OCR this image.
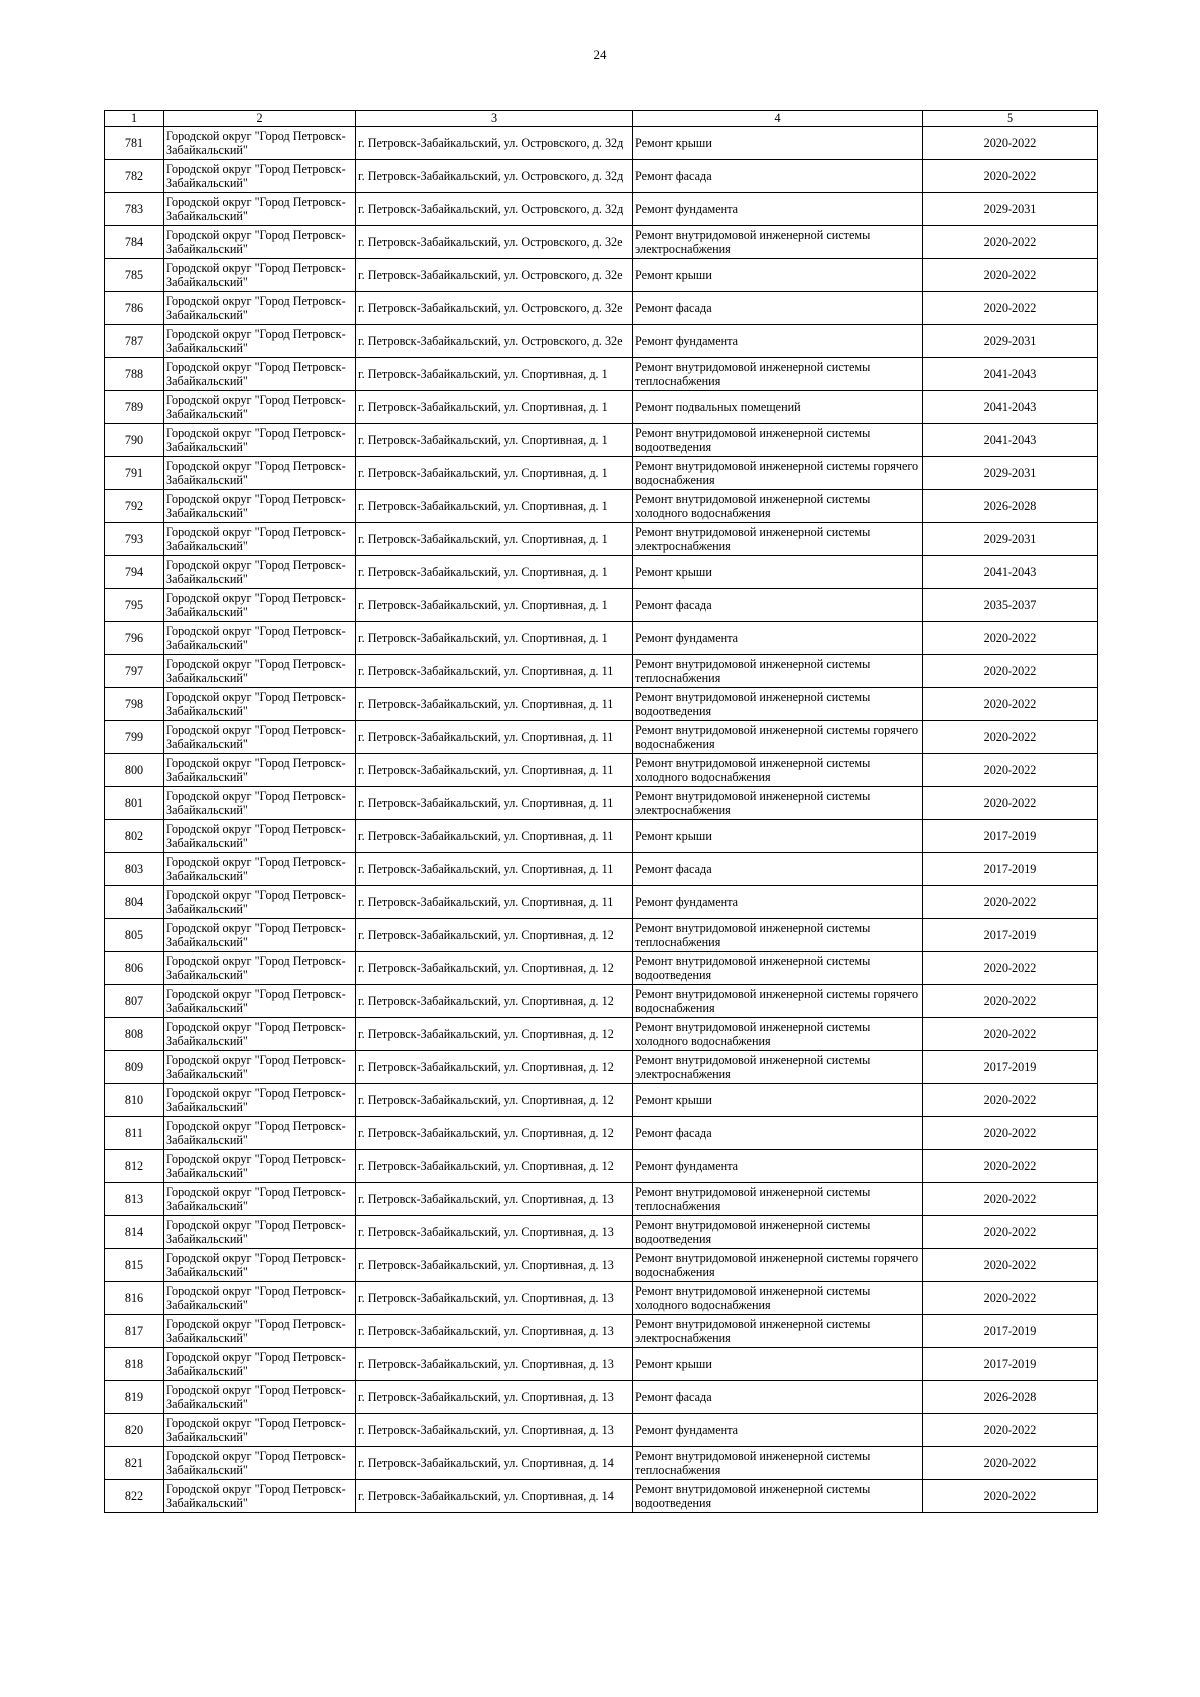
24
1	2	3	4	5
781	Городской округ "Город Петровск-Забайкальский"	г. Петровск-Забайкальский, ул. Островского, д. 32д	Ремонт крыши	2020-2022
782	Городской округ "Город Петровск-Забайкальский"	г. Петровск-Забайкальский, ул. Островского, д. 32д	Ремонт фасада	2020-2022
783	Городской округ "Город Петровск-Забайкальский"	г. Петровск-Забайкальский, ул. Островского, д. 32д	Ремонт фундамента	2029-2031
784	Городской округ "Город Петровск-Забайкальский"	г. Петровск-Забайкальский, ул. Островского, д. 32е	Ремонт внутридомовой инженерной системы электроснабжения	2020-2022
785	Городской округ "Город Петровск-Забайкальский"	г. Петровск-Забайкальский, ул. Островского, д. 32е	Ремонт крыши	2020-2022
786	Городской округ "Город Петровск-Забайкальский"	г. Петровск-Забайкальский, ул. Островского, д. 32е	Ремонт фасада	2020-2022
787	Городской округ "Город Петровск-Забайкальский"	г. Петровск-Забайкальский, ул. Островского, д. 32е	Ремонт фундамента	2029-2031
788	Городской округ "Город Петровск-Забайкальский"	г. Петровск-Забайкальский, ул. Спортивная, д. 1	Ремонт внутридомовой инженерной системы теплоснабжения	2041-2043
789	Городской округ "Город Петровск-Забайкальский"	г. Петровск-Забайкальский, ул. Спортивная, д. 1	Ремонт подвальных помещений	2041-2043
790	Городской округ "Город Петровск-Забайкальский"	г. Петровск-Забайкальский, ул. Спортивная, д. 1	Ремонт внутридомовой инженерной системы водоотведения	2041-2043
791	Городской округ "Город Петровск-Забайкальский"	г. Петровск-Забайкальский, ул. Спортивная, д. 1	Ремонт внутридомовой инженерной системы горячего водоснабжения	2029-2031
792	Городской округ "Город Петровск-Забайкальский"	г. Петровск-Забайкальский, ул. Спортивная, д. 1	Ремонт внутридомовой инженерной системы холодного водоснабжения	2026-2028
793	Городской округ "Город Петровск-Забайкальский"	г. Петровск-Забайкальский, ул. Спортивная, д. 1	Ремонт внутридомовой инженерной системы электроснабжения	2029-2031
794	Городской округ "Город Петровск-Забайкальский"	г. Петровск-Забайкальский, ул. Спортивная, д. 1	Ремонт крыши	2041-2043
795	Городской округ "Город Петровск-Забайкальский"	г. Петровск-Забайкальский, ул. Спортивная, д. 1	Ремонт фасада	2035-2037
796	Городской округ "Город Петровск-Забайкальский"	г. Петровск-Забайкальский, ул. Спортивная, д. 1	Ремонт фундамента	2020-2022
797	Городской округ "Город Петровск-Забайкальский"	г. Петровск-Забайкальский, ул. Спортивная, д. 11	Ремонт внутридомовой инженерной системы теплоснабжения	2020-2022
798	Городской округ "Город Петровск-Забайкальский"	г. Петровск-Забайкальский, ул. Спортивная, д. 11	Ремонт внутридомовой инженерной системы водоотведения	2020-2022
799	Городской округ "Город Петровск-Забайкальский"	г. Петровск-Забайкальский, ул. Спортивная, д. 11	Ремонт внутридомовой инженерной системы горячего водоснабжения	2020-2022
800	Городской округ "Город Петровск-Забайкальский"	г. Петровск-Забайкальский, ул. Спортивная, д. 11	Ремонт внутридомовой инженерной системы холодного водоснабжения	2020-2022
801	Городской округ "Город Петровск-Забайкальский"	г. Петровск-Забайкальский, ул. Спортивная, д. 11	Ремонт внутридомовой инженерной системы электроснабжения	2020-2022
802	Городской округ "Город Петровск-Забайкальский"	г. Петровск-Забайкальский, ул. Спортивная, д. 11	Ремонт крыши	2017-2019
803	Городской округ "Город Петровск-Забайкальский"	г. Петровск-Забайкальский, ул. Спортивная, д. 11	Ремонт фасада	2017-2019
804	Городской округ "Город Петровск-Забайкальский"	г. Петровск-Забайкальский, ул. Спортивная, д. 11	Ремонт фундамента	2020-2022
805	Городской округ "Город Петровск-Забайкальский"	г. Петровск-Забайкальский, ул. Спортивная, д. 12	Ремонт внутридомовой инженерной системы теплоснабжения	2017-2019
806	Городской округ "Город Петровск-Забайкальский"	г. Петровск-Забайкальский, ул. Спортивная, д. 12	Ремонт внутридомовой инженерной системы водоотведения	2020-2022
807	Городской округ "Город Петровск-Забайкальский"	г. Петровск-Забайкальский, ул. Спортивная, д. 12	Ремонт внутридомовой инженерной системы горячего водоснабжения	2020-2022
808	Городской округ "Город Петровск-Забайкальский"	г. Петровск-Забайкальский, ул. Спортивная, д. 12	Ремонт внутридомовой инженерной системы холодного водоснабжения	2020-2022
809	Городской округ "Город Петровск-Забайкальский"	г. Петровск-Забайкальский, ул. Спортивная, д. 12	Ремонт внутридомовой инженерной системы электроснабжения	2017-2019
810	Городской округ "Город Петровск-Забайкальский"	г. Петровск-Забайкальский, ул. Спортивная, д. 12	Ремонт крыши	2020-2022
811	Городской округ "Город Петровск-Забайкальский"	г. Петровск-Забайкальский, ул. Спортивная, д. 12	Ремонт фасада	2020-2022
812	Городской округ "Город Петровск-Забайкальский"	г. Петровск-Забайкальский, ул. Спортивная, д. 12	Ремонт фундамента	2020-2022
813	Городской округ "Город Петровск-Забайкальский"	г. Петровск-Забайкальский, ул. Спортивная, д. 13	Ремонт внутридомовой инженерной системы теплоснабжения	2020-2022
814	Городской округ "Город Петровск-Забайкальский"	г. Петровск-Забайкальский, ул. Спортивная, д. 13	Ремонт внутридомовой инженерной системы водоотведения	2020-2022
815	Городской округ "Город Петровск-Забайкальский"	г. Петровск-Забайкальский, ул. Спортивная, д. 13	Ремонт внутридомовой инженерной системы горячего водоснабжения	2020-2022
816	Городской округ "Город Петровск-Забайкальский"	г. Петровск-Забайкальский, ул. Спортивная, д. 13	Ремонт внутридомовой инженерной системы холодного водоснабжения	2020-2022
817	Городской округ "Город Петровск-Забайкальский"	г. Петровск-Забайкальский, ул. Спортивная, д. 13	Ремонт внутридомовой инженерной системы электроснабжения	2017-2019
818	Городской округ "Город Петровск-Забайкальский"	г. Петровск-Забайкальский, ул. Спортивная, д. 13	Ремонт крыши	2017-2019
819	Городской округ "Город Петровск-Забайкальский"	г. Петровск-Забайкальский, ул. Спортивная, д. 13	Ремонт фасада	2026-2028
820	Городской округ "Город Петровск-Забайкальский"	г. Петровск-Забайкальский, ул. Спортивная, д. 13	Ремонт фундамента	2020-2022
821	Городской округ "Город Петровск-Забайкальский"	г. Петровск-Забайкальский, ул. Спортивная, д. 14	Ремонт внутридомовой инженерной системы теплоснабжения	2020-2022
822	Городской округ "Город Петровск-Забайкальский"	г. Петровск-Забайкальский, ул. Спортивная, д. 14	Ремонт внутридомовой инженерной системы водоотведения	2020-2022
